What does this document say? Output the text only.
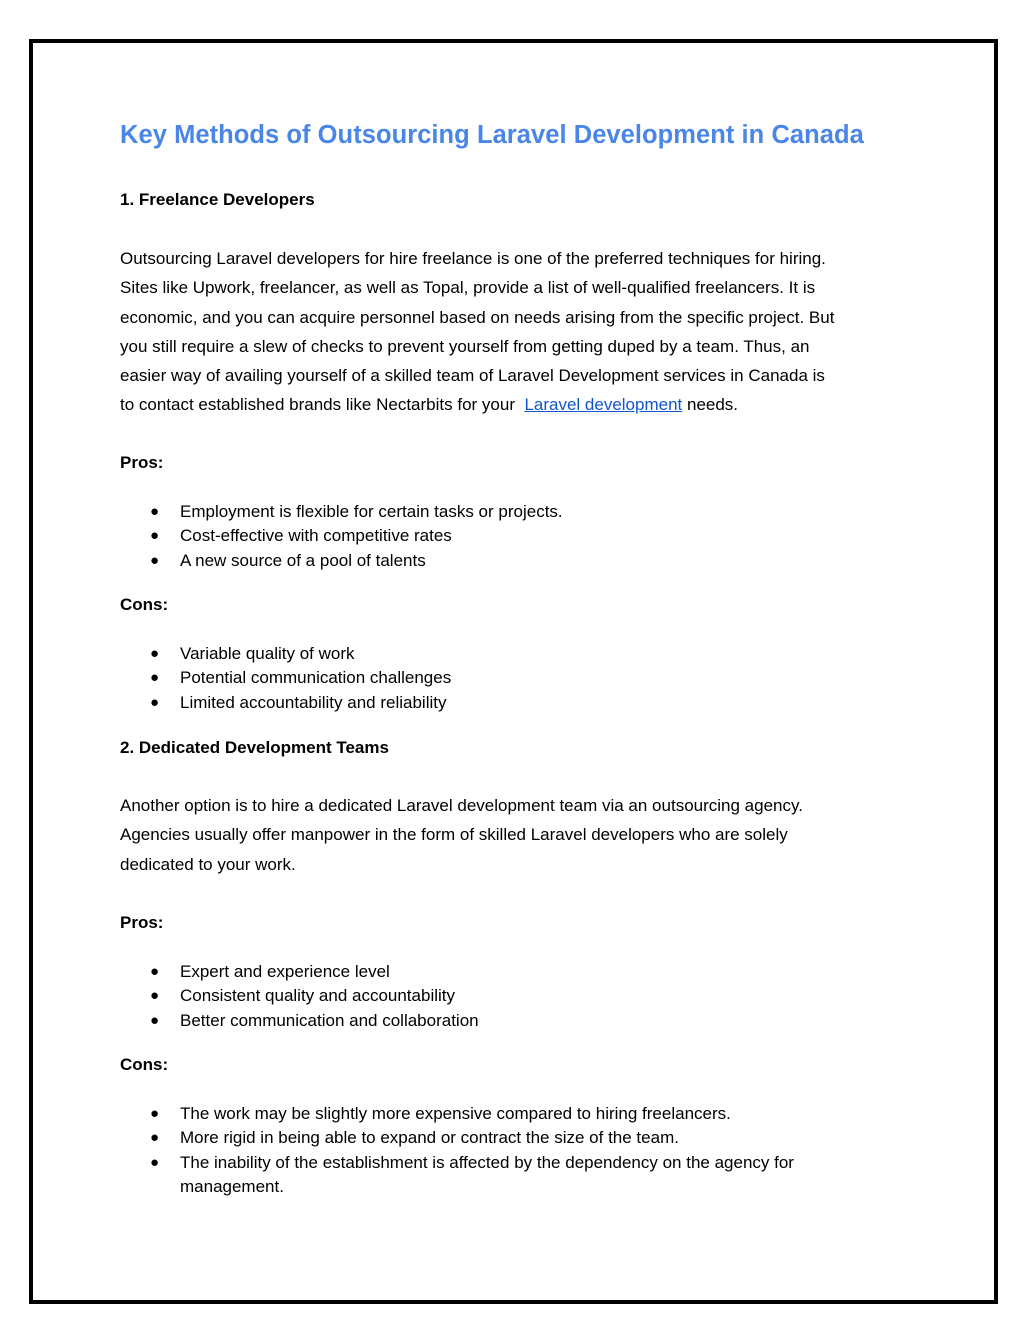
Key Methods of Outsourcing Laravel Development in Canada
1. Freelance Developers
Outsourcing Laravel developers for hire freelance is one of the preferred techniques for hiring.
Sites like Upwork, freelancer, as well as Topal, provide a list of well-qualified freelancers. It is
economic, and you can acquire personnel based on needs arising from the specific project. But
you still require a slew of checks to prevent yourself from getting duped by a team. Thus, an
easier way of availing yourself of a skilled team of Laravel Development services in Canada is
to contact established brands like Nectarbits for your  Laravel development needs.
Pros:
● Employment is flexible for certain tasks or projects.
● Cost-effective with competitive rates
● A new source of a pool of talents
Cons:
● Variable quality of work
● Potential communication challenges
● Limited accountability and reliability
2. Dedicated Development Teams
Another option is to hire a dedicated Laravel development team via an outsourcing agency.
Agencies usually offer manpower in the form of skilled Laravel developers who are solely
dedicated to your work.
Pros:
● Expert and experience level
● Consistent quality and accountability
● Better communication and collaboration
Cons:
● The work may be slightly more expensive compared to hiring freelancers.
● More rigid in being able to expand or contract the size of the team.
● The inability of the establishment is affected by the dependency on the agency for management.
